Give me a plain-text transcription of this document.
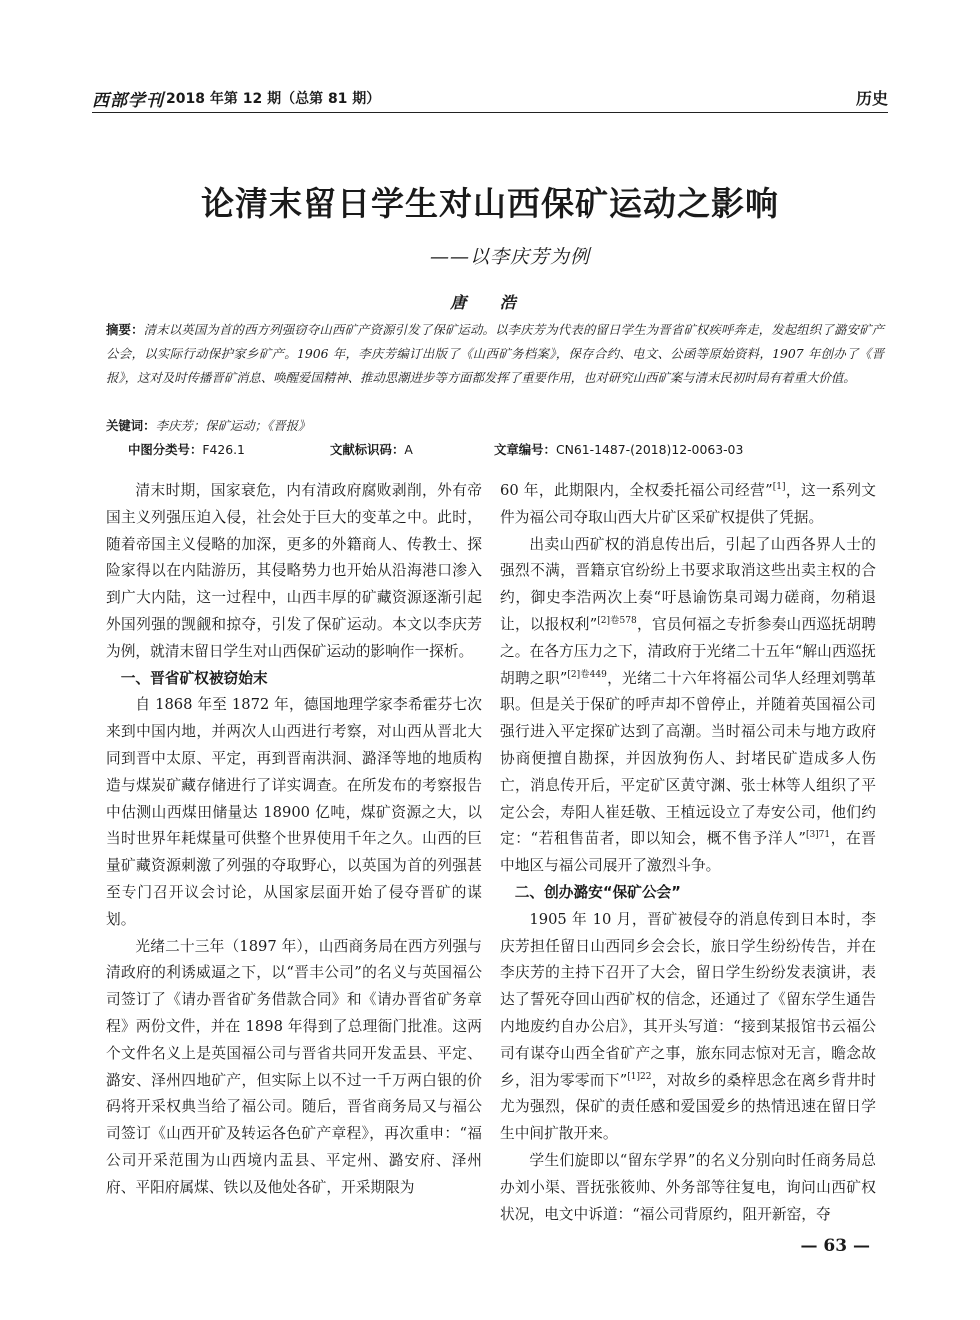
西部学刊 2018 年第 12 期（总第 81 期）	历史
论清末留日学生对山西保矿运动之影响
——以李庆芳为例
唐 浩
摘要：清末以英国为首的西方列强窃夺山西矿产资源引发了保矿运动。以李庆芳为代表的留日学生为晋省矿权疾呼奔走，发起组织了潞安矿产公会，以实际行动保护家乡矿产。1906 年，李庆芳编订出版了《山西矿务档案》，保存合约、电文、公函等原始资料，1907 年创办了《晋报》，这对及时传播晋矿消息、唤醒爱国精神、推动思潮进步等方面都发挥了重要作用，也对研究山西矿案与清末民初时局有着重大价值。
关键词：李庆芳；保矿运动；《晋报》
中图分类号：F426.1	文献标识码：A	文章编号：CN61-1487-(2018)12-0063-03

清末时期，国家衰危，内有清政府腐败剥削，外有帝国主义列强压迫入侵，社会处于巨大的变革之中。此时，随着帝国主义侵略的加深，更多的外籍商人、传教士、探险家得以在内陆游历，其侵略势力也开始从沿海港口渗入到广大内陆，这一过程中，山西丰厚的矿藏资源逐渐引起外国列强的觊觎和掠夺，引发了保矿运动。本文以李庆芳为例，就清末留日学生对山西保矿运动的影响作一探析。

一、晋省矿权被窃始末

自 1868 年至 1872 年，德国地理学家李希霍芬七次来到中国内地，并两次人山西进行考察，对山西从晋北大同到晋中太原、平定，再到晋南洪洞、潞泽等地的地质构造与煤炭矿藏存储进行了详实调查。在所发布的考察报告中估测山西煤田储量达 18900 亿吨，煤矿资源之大，以当时世界年耗煤量可供整个世界使用千年之久。山西的巨量矿藏资源刺激了列强的夺取野心，以英国为首的列强甚至专门召开议会讨论，从国家层面开始了侵夺晋矿的谋划。

光绪二十三年（1897 年），山西商务局在西方列强与清政府的利诱威逼之下，以“晋丰公司”的名义与英国福公司签订了《请办晋省矿务借款合同》和《请办晋省矿务章程》两份文件，并在 1898 年得到了总理衙门批准。这两个文件名义上是英国福公司与晋省共同开发盂县、平定、潞安、泽州四地矿产，但实际上以不过一千万两白银的价码将开采权典当给了福公司。随后，晋省商务局又与福公司签订《山西开矿及转运各色矿产章程》，再次重申：“福公司开采范围为山西境内盂县、平定州、潞安府、泽州府、平阳府属煤、铁以及他处各矿，开采期限为

60 年，此期限内，全权委托福公司经营”[1]，这一系列文件为福公司夺取山西大片矿区采矿权提供了凭据。

出卖山西矿权的消息传出后，引起了山西各界人士的强烈不满，晋籍京官纷纷上书要求取消这些出卖主权的合约，御史李浩两次上奏“吁恳谕饬臬司竭力磋商，勿稍退让，以报权利”$^{[2]卷578}$，官员何福之专折参奏山西巡抚胡聘之。在各方压力之下，清政府于光绪二十五年“解山西巡抚胡聘之职”$^{[2]卷449}$，光绪二十六年将福公司华人经理刘鹗革职。但是关于保矿的呼声却不曾停止，并随着英国福公司强行进入平定探矿达到了高潮。当时福公司未与地方政府协商便擅自勘探，并因放狗伤人、封堵民矿造成多人伤亡，消息传开后，平定矿区黄守渊、张士林等人组织了平定公会，寿阳人崔廷敬、王植远设立了寿安公司，他们约定：“若租售苗者，即以知会，概不售予洋人”$^{[3]71}$，在晋中地区与福公司展开了激烈斗争。

二、创办潞安“保矿公会”

1905 年 10 月，晋矿被侵夺的消息传到日本时，李庆芳担任留日山西同乡会会长，旅日学生纷纷传告，并在李庆芳的主持下召开了大会，留日学生纷纷发表演讲，表达了誓死夺回山西矿权的信念，还通过了《留东学生通告内地废约自办公启》，其开头写道：“接到某报馆书云福公司有谋夺山西全省矿产之事，旅东同志惊对无言，瞻念故乡，泪为零零而下”$^{[1]22}$，对故乡的桑梓思念在离乡背井时尤为强烈，保矿的责任感和爱国爱乡的热情迅速在留日学生中间扩散开来。

学生们旋即以“留东学界”的名义分别向时任商务局总办刘小渠、晋抚张筱帅、外务部等往复电，询问山西矿权状况，电文中诉道：“福公司背原约，阻开新窑，夺

— 63 —
